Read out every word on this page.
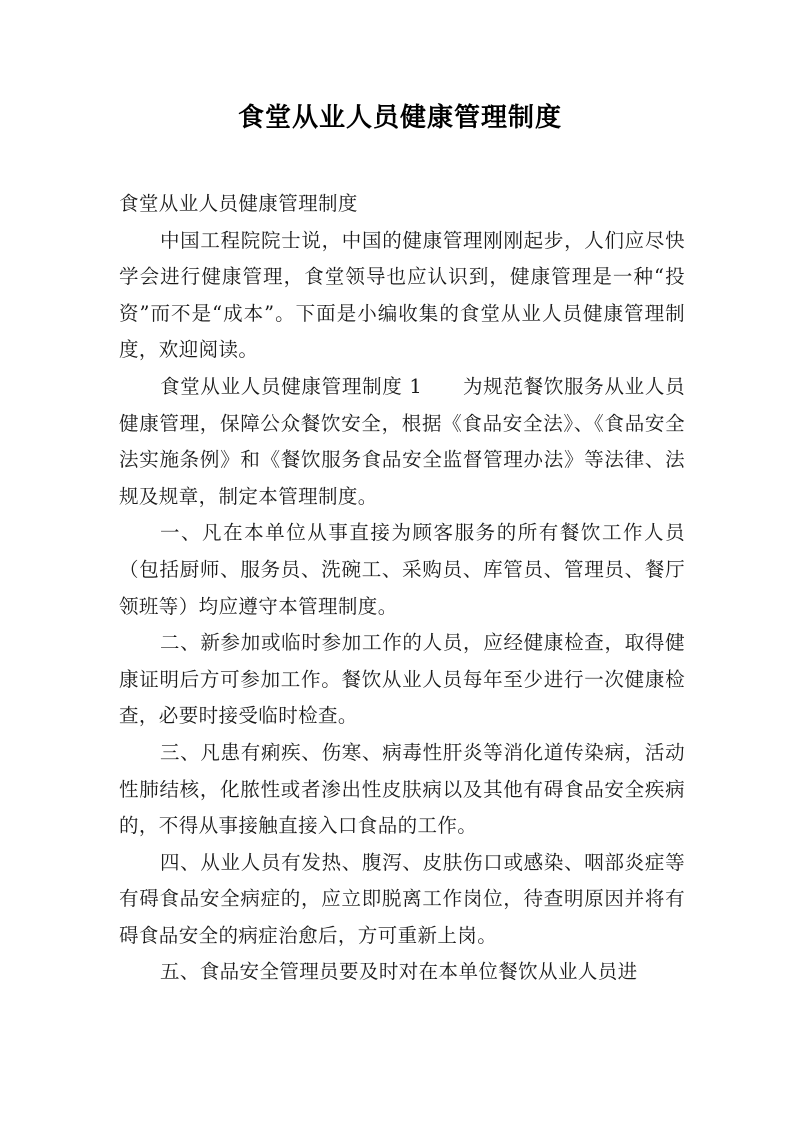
食堂从业人员健康管理制度

食堂从业人员健康管理制度

中国工程院院士说，中国的健康管理刚刚起步，人们应尽快学会进行健康管理，食堂领导也应认识到，健康管理是一种“投资”而不是“成本”。下面是小编收集的食堂从业人员健康管理制度，欢迎阅读。

食堂从业人员健康管理制度 1　　为规范餐饮服务从业人员健康管理，保障公众餐饮安全，根据《食品安全法》、《食品安全法实施条例》和《餐饮服务食品安全监督管理办法》等法律、法规及规章，制定本管理制度。

一、凡在本单位从事直接为顾客服务的所有餐饮工作人员（包括厨师、服务员、洗碗工、采购员、库管员、管理员、餐厅领班等）均应遵守本管理制度。

二、新参加或临时参加工作的人员，应经健康检查，取得健康证明后方可参加工作。餐饮从业人员每年至少进行一次健康检查，必要时接受临时检查。

三、凡患有痢疾、伤寒、病毒性肝炎等消化道传染病，活动性肺结核，化脓性或者渗出性皮肤病以及其他有碍食品安全疾病的，不得从事接触直接入口食品的工作。

四、从业人员有发热、腹泻、皮肤伤口或感染、咽部炎症等有碍食品安全病症的，应立即脱离工作岗位，待查明原因并将有碍食品安全的病症治愈后，方可重新上岗。

五、食品安全管理员要及时对在本单位餐饮从业人员进
